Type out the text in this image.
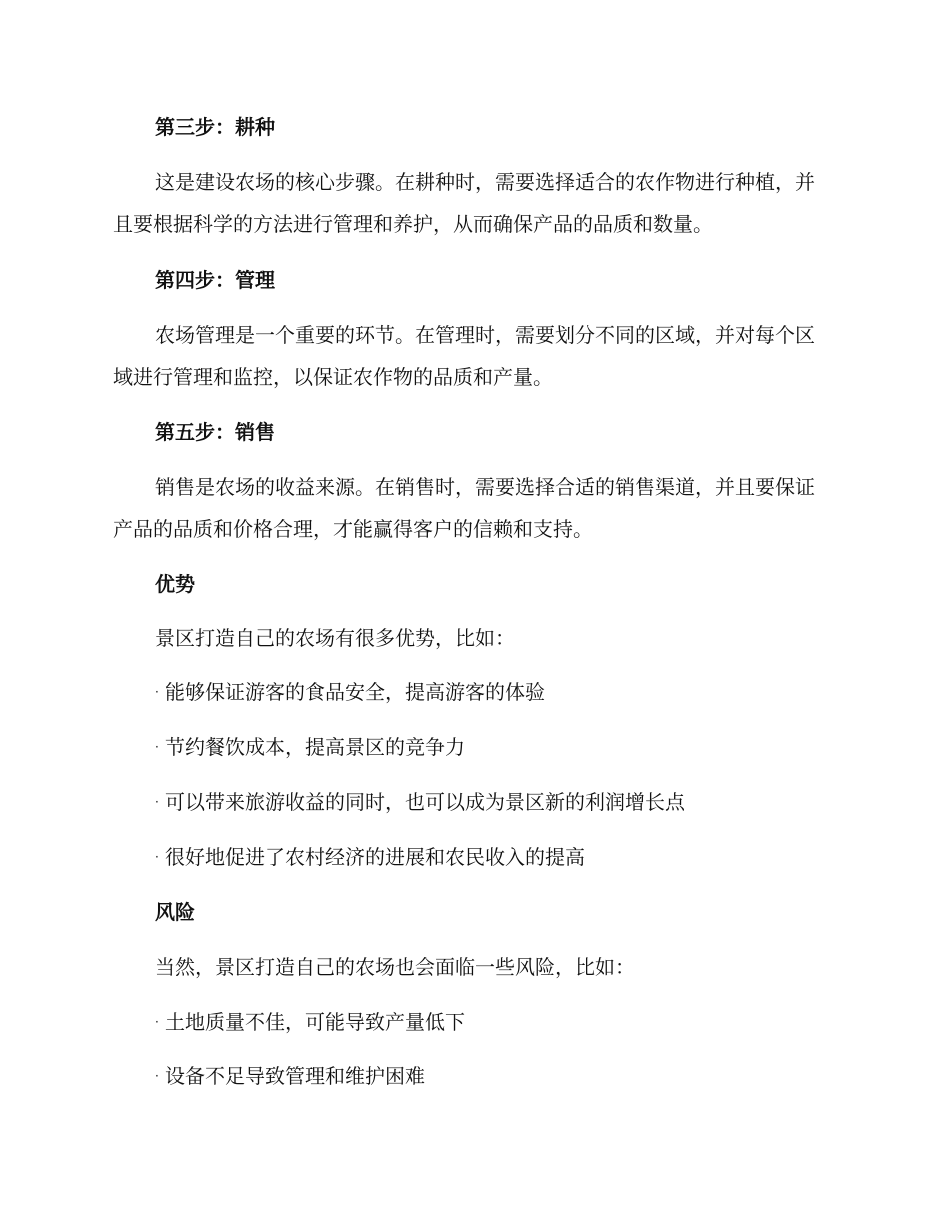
第三步：耕种

这是建设农场的核心步骤。在耕种时，需要选择适合的农作物进行种植，并且要根据科学的方法进行管理和养护，从而确保产品的品质和数量。

第四步：管理

农场管理是一个重要的环节。在管理时，需要划分不同的区域，并对每个区域进行管理和监控，以保证农作物的品质和产量。

第五步：销售

销售是农场的收益来源。在销售时，需要选择合适的销售渠道，并且要保证产品的品质和价格合理，才能赢得客户的信赖和支持。

优势

景区打造自己的农场有很多优势，比如：

· 能够保证游客的食品安全，提高游客的体验

· 节约餐饮成本，提高景区的竞争力

· 可以带来旅游收益的同时，也可以成为景区新的利润增长点

· 很好地促进了农村经济的进展和农民收入的提高

风险

当然，景区打造自己的农场也会面临一些风险，比如：

· 土地质量不佳，可能导致产量低下

· 设备不足导致管理和维护困难
